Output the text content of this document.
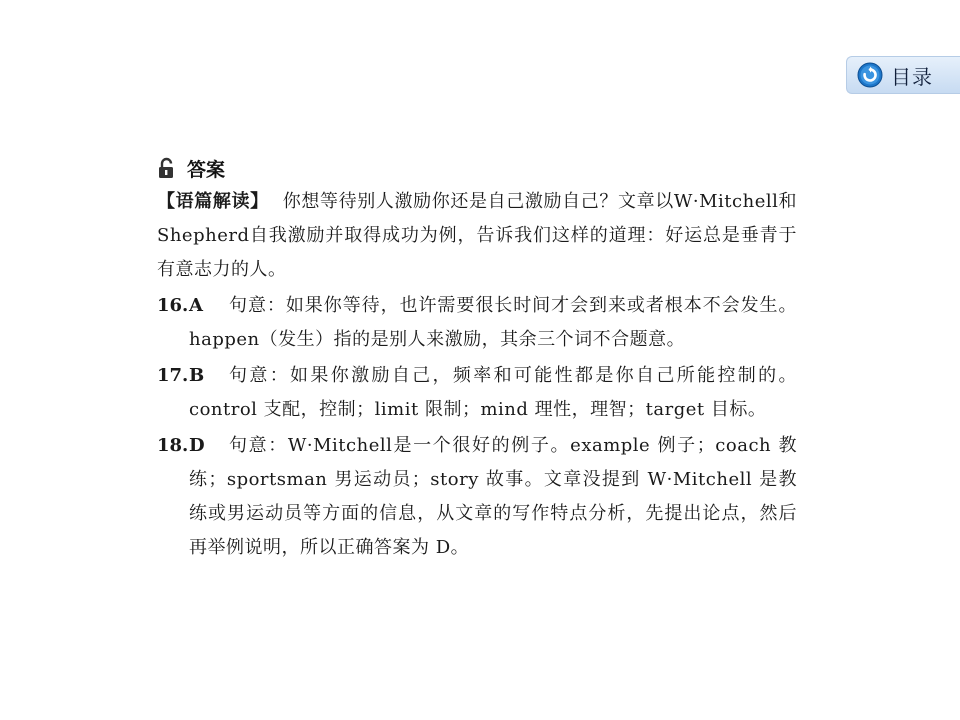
目录
答案
【语篇解读】 你想等待别人激励你还是自己激励自己？文章以W·Mitchell和Shepherd自我激励并取得成功为例，告诉我们这样的道理：好运总是垂青于有意志力的人。
16. A	句意：如果你等待，也许需要很长时间才会到来或者根本不会发生。happen（发生）指的是别人来激励，其余三个词不合题意。
17. B	句意：如果你激励自己，频率和可能性都是你自己所能控制的。control 支配，控制；limit 限制；mind 理性，理智；target 目标。
18. D	句意：W·Mitchell是一个很好的例子。example 例子；coach 教练；sportsman 男运动员；story 故事。文章没提到 W·Mitchell 是教练或男运动员等方面的信息，从文章的写作特点分析，先提出论点，然后再举例说明，所以正确答案为 D。
